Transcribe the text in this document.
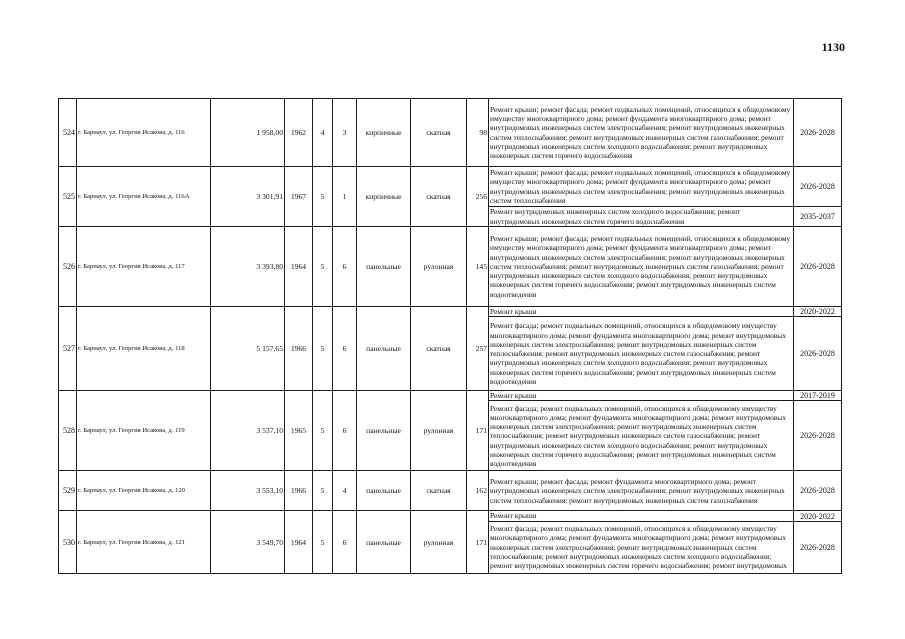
1130
524	г. Барнаул, ул. Георгия Исакова, д. 116	1 958,00	1962	4	3	кирпичные	скатная	98	Ремонт крыши; ремонт фасада; ремонт подвальных помещений, относящихся к общедомовому имуществу многоквартирного дома; ремонт фундамента многоквартирного дома; ремонт внутридомовых инженерных систем электроснабжения; ремонт внутридомовых инженерных систем теплоснабжения; ремонт внутридомовых инженерных систем газоснабжения; ремонт внутридомовых инженерных систем холодного водоснабжения; ремонт внутридомовых инженерных систем горячего водоснабжения	2026-2028
525	г. Барнаул, ул. Георгия Исакова, д. 116А	3 301,91	1967	5	1	кирпичные	скатная	256	Ремонт крыши; ремонт фасада; ремонт подвальных помещений, относящихся к общедомовому имуществу многоквартирного дома; ремонт фундамента многоквартирного дома; ремонт внутридомовых инженерных систем электроснабжения; ремонт внутридомовых инженерных систем теплоснабжения	2026-2028
									Ремонт внутридомовых инженерных систем холодного водоснабжения; ремонт внутридомовых инженерных систем горячего водоснабжения	2035-2037
526	г. Барнаул, ул. Георгия Исакова, д. 117	3 393,80	1964	5	6	панельные	рулонная	145	Ремонт крыши; ремонт фасада; ремонт подвальных помещений, относящихся к общедомовому имуществу многоквартирного дома; ремонт фундамента многоквартирного дома; ремонт внутридомовых инженерных систем электроснабжения; ремонт внутридомовых инженерных систем теплоснабжения; ремонт внутридомовых инженерных систем газоснабжения; ремонт внутридомовых инженерных систем холодного водоснабжения; ремонт внутридомовых инженерных систем горячего водоснабжения; ремонт внутридомовых инженерных систем водоотведения	2026-2028
527	г. Барнаул, ул. Георгия Исакова, д. 118	5 157,65	1966	5	6	панельные	скатная	257	Ремонт крыши	2020-2022
									Ремонт фасада; ремонт подвальных помещений, относящихся к общедомовому имуществу многоквартирного дома; ремонт фундамента многоквартирного дома; ремонт внутридомовых инженерных систем электроснабжения; ремонт внутридомовых инженерных систем теплоснабжения; ремонт внутридомовых инженерных систем газоснабжения; ремонт внутридомовых инженерных систем холодного водоснабжения; ремонт внутридомовых инженерных систем горячего водоснабжения; ремонт внутридомовых инженерных систем водоотведения	2026-2028
528	г. Барнаул, ул. Георгия Исакова, д. 119	3 537,10	1965	5	6	панельные	рулонная	171	Ремонт крыши	2017-2019
									Ремонт фасада; ремонт подвальных помещений, относящихся к общедомовому имуществу многоквартирного дома; ремонт фундамента многоквартирного дома; ремонт внутридомовых инженерных систем электроснабжения; ремонт внутридомовых инженерных систем теплоснабжения; ремонт внутридомовых инженерных систем газоснабжения; ремонт внутридомовых инженерных систем холодного водоснабжения; ремонт внутридомовых инженерных систем горячего водоснабжения; ремонт внутридомовых инженерных систем водоотведения	2026-2028
529	г. Барнаул, ул. Георгия Исакова, д. 120	3 553,10	1966	5	4	панельные	скатная	162	Ремонт крыши; ремонт фасада; ремонт фундамента многоквартирного дома; ремонт внутридомовых инженерных систем электроснабжения; ремонт внутридомовых инженерных систем теплоснабжения; ремонт внутридомовых инженерных систем газоснабжения	2026-2028
530	г. Барнаул, ул. Георгия Исакова, д. 121	3 549,70	1964	5	6	панельные	рулонная	171	Ремонт крыши	2020-2022
									Ремонт фасада; ремонт подвальных помещений, относящихся к общедомовому имуществу многоквартирного дома; ремонт фундамента многоквартирного дома; ремонт внутридомовых инженерных систем электроснабжения; ремонт внутридомовых инженерных систем теплоснабжения; ремонт внутридомовых инженерных систем холодного водоснабжения; ремонт внутридомовых инженерных систем горячего водоснабжения; ремонт внутридомовых	2026-2028
